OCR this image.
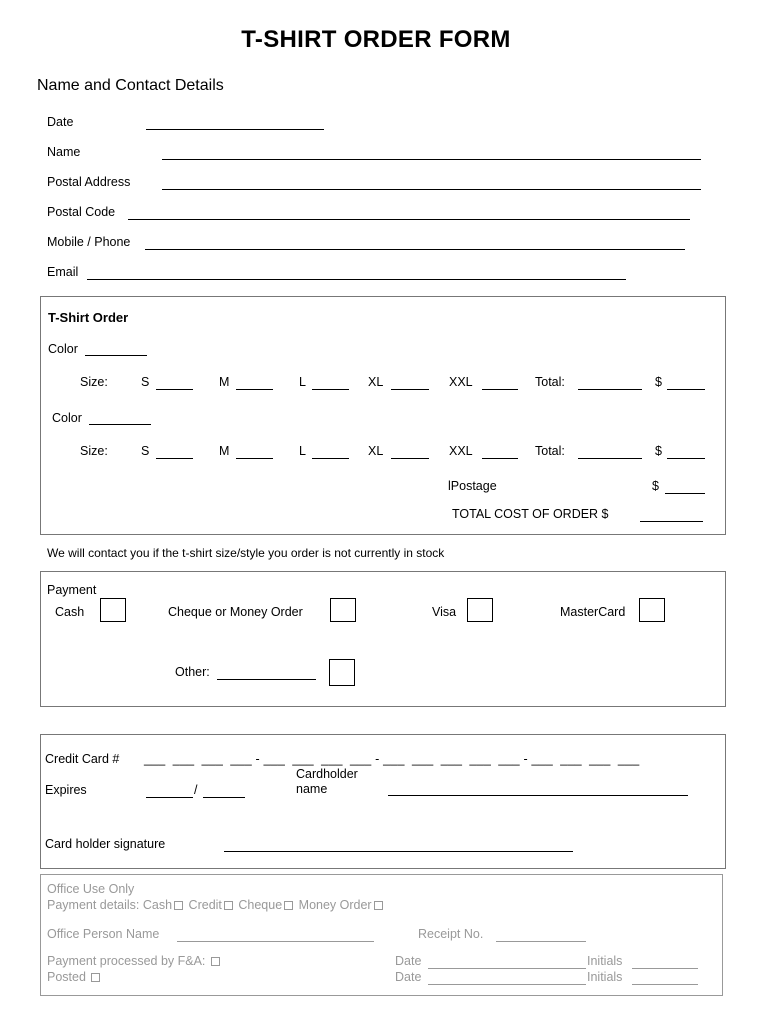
T-SHIRT ORDER FORM
Name and Contact Details
Date
Name
Postal Address
Postal Code
Mobile / Phone
Email
T-Shirt Order
Color
Size:	S	M	L	XL	XXL	Total:	$
Color
Size:	S	M	L	XL	XXL	Total:	$
lPostage	$
TOTAL COST OF ORDER $
We will contact you if the t-shirt size/style you order is not currently in stock
Payment
Cash	Cheque or Money Order	Visa	MasterCard
Other:
Credit Card # ___  ___  ___  ___ - ___  ___  ___  ___ - ___  ___  ___  ___  ___ - ___  ___  ___  ___
Expires	/
Cardholder
name
Card holder signature
Office Use Only
Payment details: Cash Credit Cheque Money Order
Office Person Name	Receipt No.
Payment processed by F&A:	Date	Initials
Posted	Date	Initials
